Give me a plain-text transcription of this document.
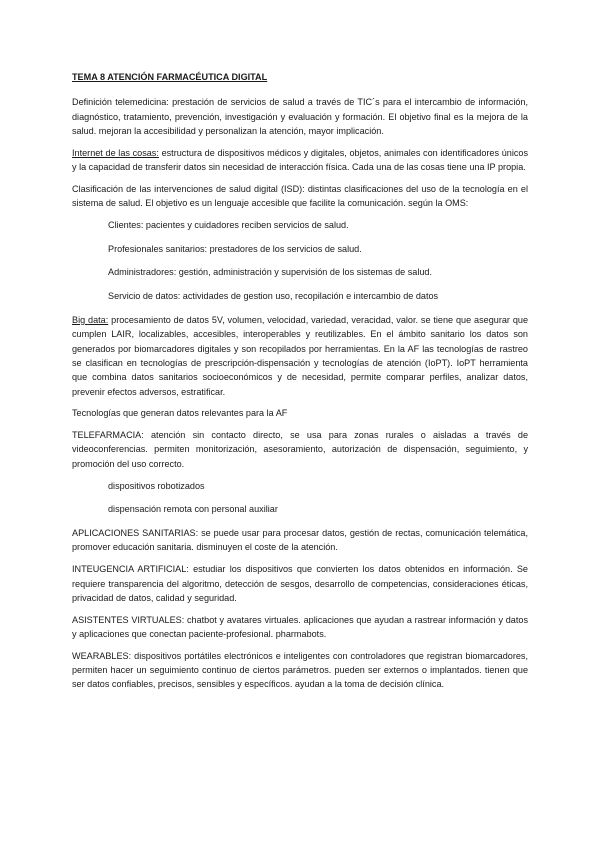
TEMA 8 ATENCIÓN FARMACÉUTICA DIGITAL

Definición telemedicina: prestación de servicios de salud a través de TIC´s para el intercambio de información, diagnóstico, tratamiento, prevención, investigación y evaluación y formación. El objetivo final es la mejora de la salud. mejoran la accesibilidad y personalizan la atención, mayor implicación.

Internet de las cosas: estructura de dispositivos médicos y digitales, objetos, animales con identificadores únicos y la capacidad de transferir datos sin necesidad de interacción física. Cada una de las cosas tiene una IP propia.

Clasificación de las intervenciones de salud digital (ISD): distintas clasificaciones del uso de la tecnología en el sistema de salud. El objetivo es un lenguaje accesible que facilite la comunicación. según la OMS:

Clientes: pacientes y cuidadores reciben servicios de salud.

Profesionales sanitarios: prestadores de los servicios de salud.

Administradores: gestión, administración y supervisión de los sistemas de salud.

Servicio de datos: actividades de gestion uso, recopilación e intercambio de datos

Big data: procesamiento de datos 5V, volumen, velocidad, variedad, veracidad, valor. se tiene que asegurar que cumplen LAIR, localizables, accesibles, interoperables y reutilizables. En el ámbito sanitario los datos son generados por biomarcadores digitales y son recopilados por herramientas. En la AF las tecnologías de rastreo se clasifican en tecnologías de prescripción-dispensación y tecnologías de atención (IoPT). IoPT herramienta que combina datos sanitarios socioeconómicos y de necesidad, permite comparar perfiles, analizar datos, prevenir efectos adversos, estratificar.

Tecnologías que generan datos relevantes para la AF

TELEFARMACIA: atención sin contacto directo, se usa para zonas rurales o aisladas a través de videoconferencias. permiten monitorización, asesoramiento, autorización de dispensación, seguimiento, y promoción del uso correcto.

dispositivos robotizados

dispensación remota con personal auxiliar

APLICACIONES SANITARIAS: se puede usar para procesar datos, gestión de rectas, comunicación telemática, promover educación sanitaria. disminuyen el coste de la atención.

INTEUGENCIA ARTIFICIAL: estudiar los dispositivos que convierten los datos obtenidos en información. Se requiere transparencia del algoritmo, detección de sesgos, desarrollo de competencias, consideraciones éticas, privacidad de datos, calidad y seguridad.

ASISTENTES VIRTUALES: chatbot y avatares virtuales. aplicaciones que ayudan a rastrear información y datos y aplicaciones que conectan paciente-profesional. pharmabots.

WEARABLES: dispositivos portátiles electrónicos e inteligentes con controladores que registran biomarcadores, permiten hacer un seguimiento continuo de ciertos parámetros. pueden ser externos o implantados. tienen que ser datos confiables, precisos, sensibles y específicos. ayudan a la toma de decisión clínica.
